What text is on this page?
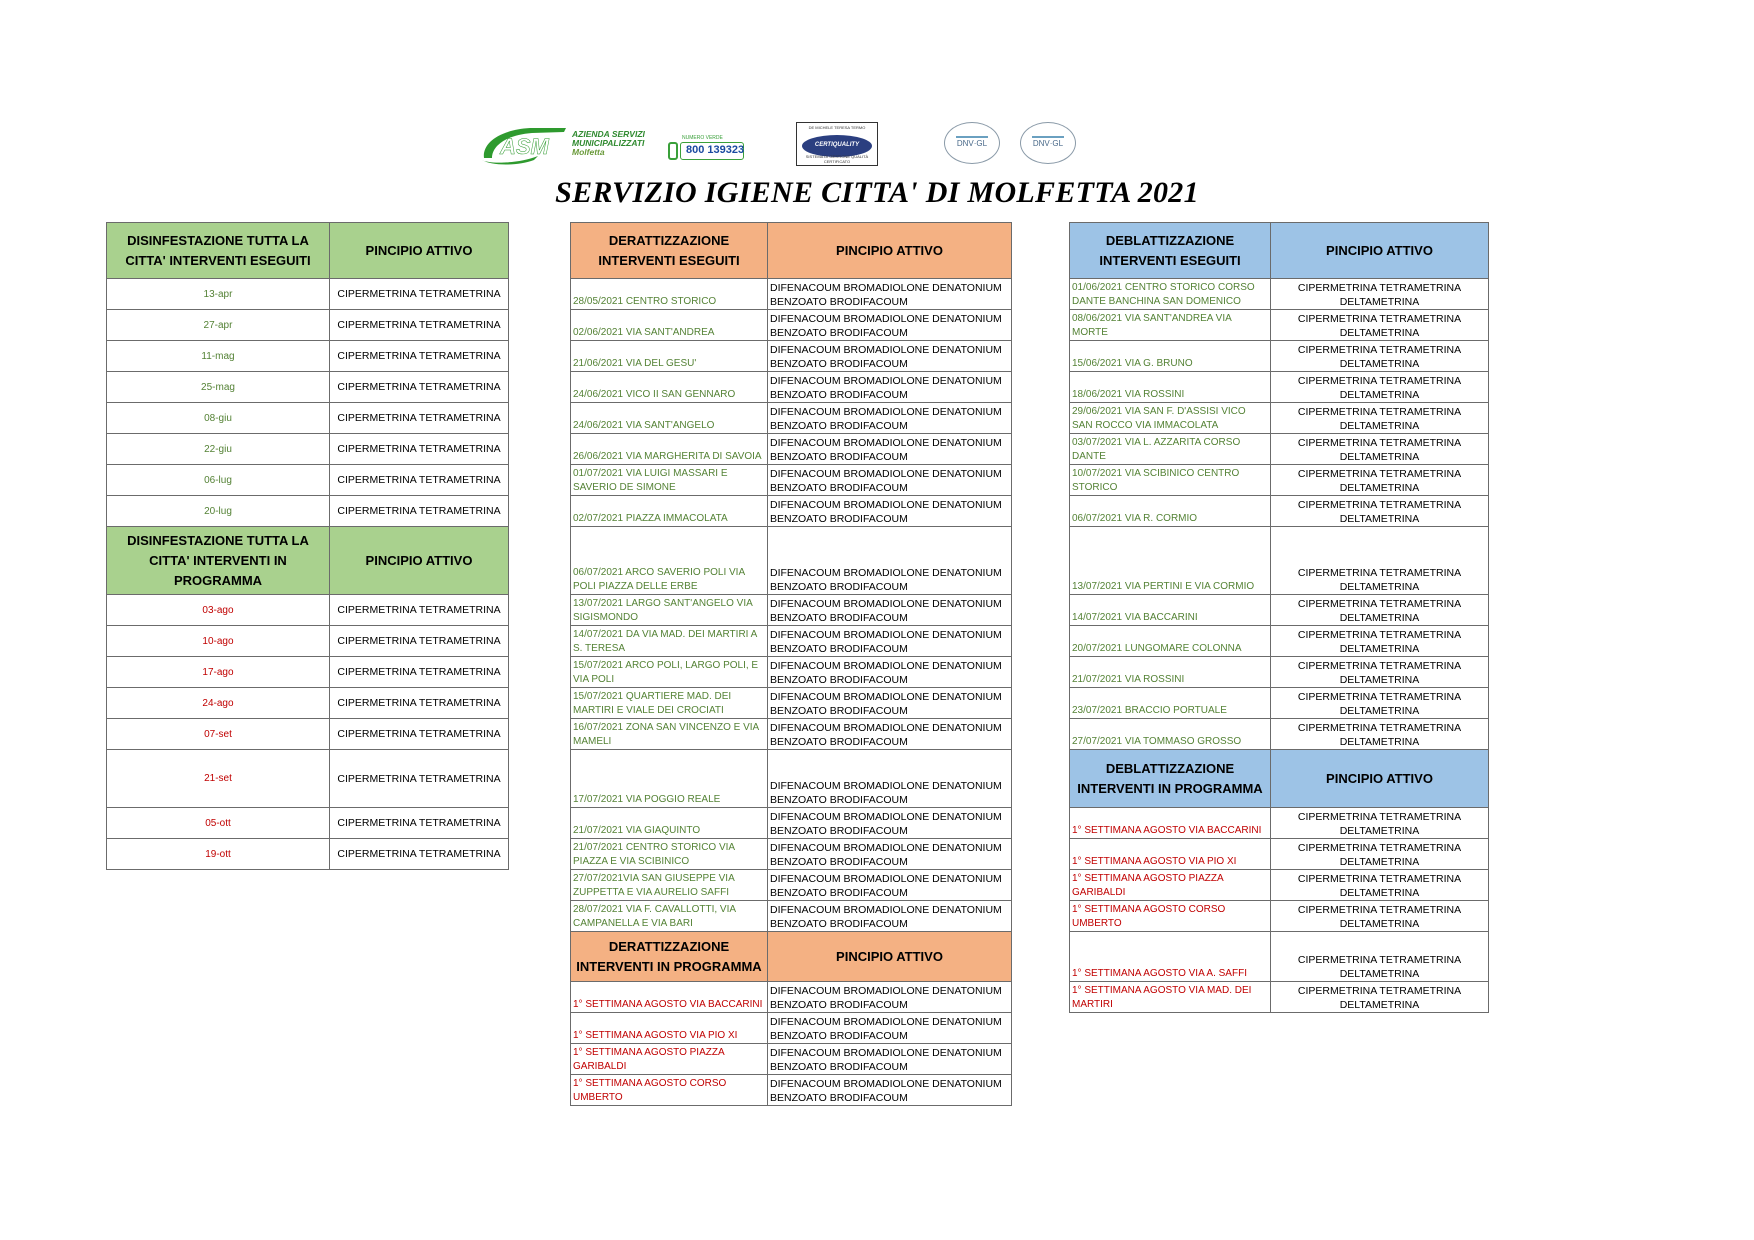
ASM	AZIENDA SERVIZI
MUNICIPALIZZATI
Molfetta
NUMERO VERDE
800 139323
DE MICHELE TERESA TERMO
CERTIQUALITY
SISTEMA DI GESTIONE QUALITÀ CERTIFICATO
DNV·GL	DNV·GL
SERVIZIO IGIENE CITTA' DI MOLFETTA 2021
DISINFESTAZIONE TUTTA LA CITTA' INTERVENTI ESEGUITI	PINCIPIO ATTIVO
13-apr	CIPERMETRINA TETRAMETRINA
27-apr	CIPERMETRINA TETRAMETRINA
11-mag	CIPERMETRINA TETRAMETRINA
25-mag	CIPERMETRINA TETRAMETRINA
08-giu	CIPERMETRINA TETRAMETRINA
22-giu	CIPERMETRINA TETRAMETRINA
06-lug	CIPERMETRINA TETRAMETRINA
20-lug	CIPERMETRINA TETRAMETRINA
DISINFESTAZIONE TUTTA LA CITTA' INTERVENTI IN PROGRAMMA	PINCIPIO ATTIVO
03-ago	CIPERMETRINA TETRAMETRINA
10-ago	CIPERMETRINA TETRAMETRINA
17-ago	CIPERMETRINA TETRAMETRINA
24-ago	CIPERMETRINA TETRAMETRINA
07-set	CIPERMETRINA TETRAMETRINA
21-set	CIPERMETRINA TETRAMETRINA
05-ott	CIPERMETRINA TETRAMETRINA
19-ott	CIPERMETRINA TETRAMETRINA
DERATTIZZAZIONE INTERVENTI ESEGUITI	PINCIPIO ATTIVO
28/05/2021 CENTRO STORICO	DIFENACOUM BROMADIOLONE DENATONIUM BENZOATO BRODIFACOUM
02/06/2021 VIA SANT'ANDREA	DIFENACOUM BROMADIOLONE DENATONIUM BENZOATO BRODIFACOUM
21/06/2021 VIA DEL GESU'	DIFENACOUM BROMADIOLONE DENATONIUM BENZOATO BRODIFACOUM
24/06/2021 VICO II SAN GENNARO	DIFENACOUM BROMADIOLONE DENATONIUM BENZOATO BRODIFACOUM
24/06/2021 VIA SANT'ANGELO	DIFENACOUM BROMADIOLONE DENATONIUM BENZOATO BRODIFACOUM
26/06/2021 VIA MARGHERITA DI SAVOIA	DIFENACOUM BROMADIOLONE DENATONIUM BENZOATO BRODIFACOUM
01/07/2021 VIA LUIGI MASSARI E SAVERIO DE SIMONE	DIFENACOUM BROMADIOLONE DENATONIUM BENZOATO BRODIFACOUM
02/07/2021 PIAZZA IMMACOLATA	DIFENACOUM BROMADIOLONE DENATONIUM BENZOATO BRODIFACOUM
06/07/2021 ARCO SAVERIO POLI VIA POLI PIAZZA DELLE ERBE	DIFENACOUM BROMADIOLONE DENATONIUM BENZOATO BRODIFACOUM
13/07/2021 LARGO SANT'ANGELO VIA SIGISMONDO	DIFENACOUM BROMADIOLONE DENATONIUM BENZOATO BRODIFACOUM
14/07/2021 DA VIA MAD. DEI MARTIRI A S. TERESA	DIFENACOUM BROMADIOLONE DENATONIUM BENZOATO BRODIFACOUM
15/07/2021 ARCO POLI, LARGO POLI, E VIA POLI	DIFENACOUM BROMADIOLONE DENATONIUM BENZOATO BRODIFACOUM
15/07/2021 QUARTIERE MAD. DEI MARTIRI E VIALE DEI CROCIATI	DIFENACOUM BROMADIOLONE DENATONIUM BENZOATO BRODIFACOUM
16/07/2021 ZONA SAN VINCENZO E VIA MAMELI	DIFENACOUM BROMADIOLONE DENATONIUM BENZOATO BRODIFACOUM
17/07/2021 VIA POGGIO REALE	DIFENACOUM BROMADIOLONE DENATONIUM BENZOATO BRODIFACOUM
21/07/2021 VIA GIAQUINTO	DIFENACOUM BROMADIOLONE DENATONIUM BENZOATO BRODIFACOUM
21/07/2021 CENTRO STORICO VIA PIAZZA E VIA SCIBINICO	DIFENACOUM BROMADIOLONE DENATONIUM BENZOATO BRODIFACOUM
27/07/2021VIA SAN GIUSEPPE VIA ZUPPETTA E VIA AURELIO SAFFI	DIFENACOUM BROMADIOLONE DENATONIUM BENZOATO BRODIFACOUM
28/07/2021 VIA F. CAVALLOTTI, VIA CAMPANELLA E VIA BARI	DIFENACOUM BROMADIOLONE DENATONIUM BENZOATO BRODIFACOUM
DERATTIZZAZIONE INTERVENTI IN PROGRAMMA	PINCIPIO ATTIVO
1° SETTIMANA AGOSTO VIA BACCARINI	DIFENACOUM BROMADIOLONE DENATONIUM BENZOATO BRODIFACOUM
1° SETTIMANA AGOSTO VIA PIO XI	DIFENACOUM BROMADIOLONE DENATONIUM BENZOATO BRODIFACOUM
1° SETTIMANA AGOSTO PIAZZA GARIBALDI	DIFENACOUM BROMADIOLONE DENATONIUM BENZOATO BRODIFACOUM
1° SETTIMANA AGOSTO CORSO UMBERTO	DIFENACOUM BROMADIOLONE DENATONIUM BENZOATO BRODIFACOUM
DEBLATTIZZAZIONE INTERVENTI ESEGUITI	PINCIPIO ATTIVO
01/06/2021 CENTRO STORICO CORSO DANTE BANCHINA SAN DOMENICO	CIPERMETRINA TETRAMETRINA DELTAMETRINA
08/06/2021 VIA SANT'ANDREA VIA MORTE	CIPERMETRINA TETRAMETRINA DELTAMETRINA
15/06/2021 VIA G. BRUNO	CIPERMETRINA TETRAMETRINA DELTAMETRINA
18/06/2021 VIA ROSSINI	CIPERMETRINA TETRAMETRINA DELTAMETRINA
29/06/2021 VIA SAN F. D'ASSISI VICO SAN ROCCO VIA IMMACOLATA	CIPERMETRINA TETRAMETRINA DELTAMETRINA
03/07/2021 VIA L. AZZARITA CORSO DANTE	CIPERMETRINA TETRAMETRINA DELTAMETRINA
10/07/2021 VIA SCIBINICO CENTRO STORICO	CIPERMETRINA TETRAMETRINA DELTAMETRINA
06/07/2021 VIA R. CORMIO	CIPERMETRINA TETRAMETRINA DELTAMETRINA
13/07/2021 VIA PERTINI E VIA CORMIO	CIPERMETRINA TETRAMETRINA DELTAMETRINA
14/07/2021 VIA BACCARINI	CIPERMETRINA TETRAMETRINA DELTAMETRINA
20/07/2021 LUNGOMARE COLONNA	CIPERMETRINA TETRAMETRINA DELTAMETRINA
21/07/2021 VIA ROSSINI	CIPERMETRINA TETRAMETRINA DELTAMETRINA
23/07/2021 BRACCIO PORTUALE	CIPERMETRINA TETRAMETRINA DELTAMETRINA
27/07/2021 VIA TOMMASO GROSSO	CIPERMETRINA TETRAMETRINA DELTAMETRINA
DEBLATTIZZAZIONE INTERVENTI IN PROGRAMMA	PINCIPIO ATTIVO
1° SETTIMANA AGOSTO VIA BACCARINI	CIPERMETRINA TETRAMETRINA DELTAMETRINA
1° SETTIMANA AGOSTO VIA PIO XI	CIPERMETRINA TETRAMETRINA DELTAMETRINA
1° SETTIMANA AGOSTO PIAZZA GARIBALDI	CIPERMETRINA TETRAMETRINA DELTAMETRINA
1° SETTIMANA AGOSTO CORSO UMBERTO	CIPERMETRINA TETRAMETRINA DELTAMETRINA
1° SETTIMANA AGOSTO VIA A. SAFFI	CIPERMETRINA TETRAMETRINA DELTAMETRINA
1° SETTIMANA AGOSTO VIA MAD. DEI MARTIRI	CIPERMETRINA TETRAMETRINA DELTAMETRINA
